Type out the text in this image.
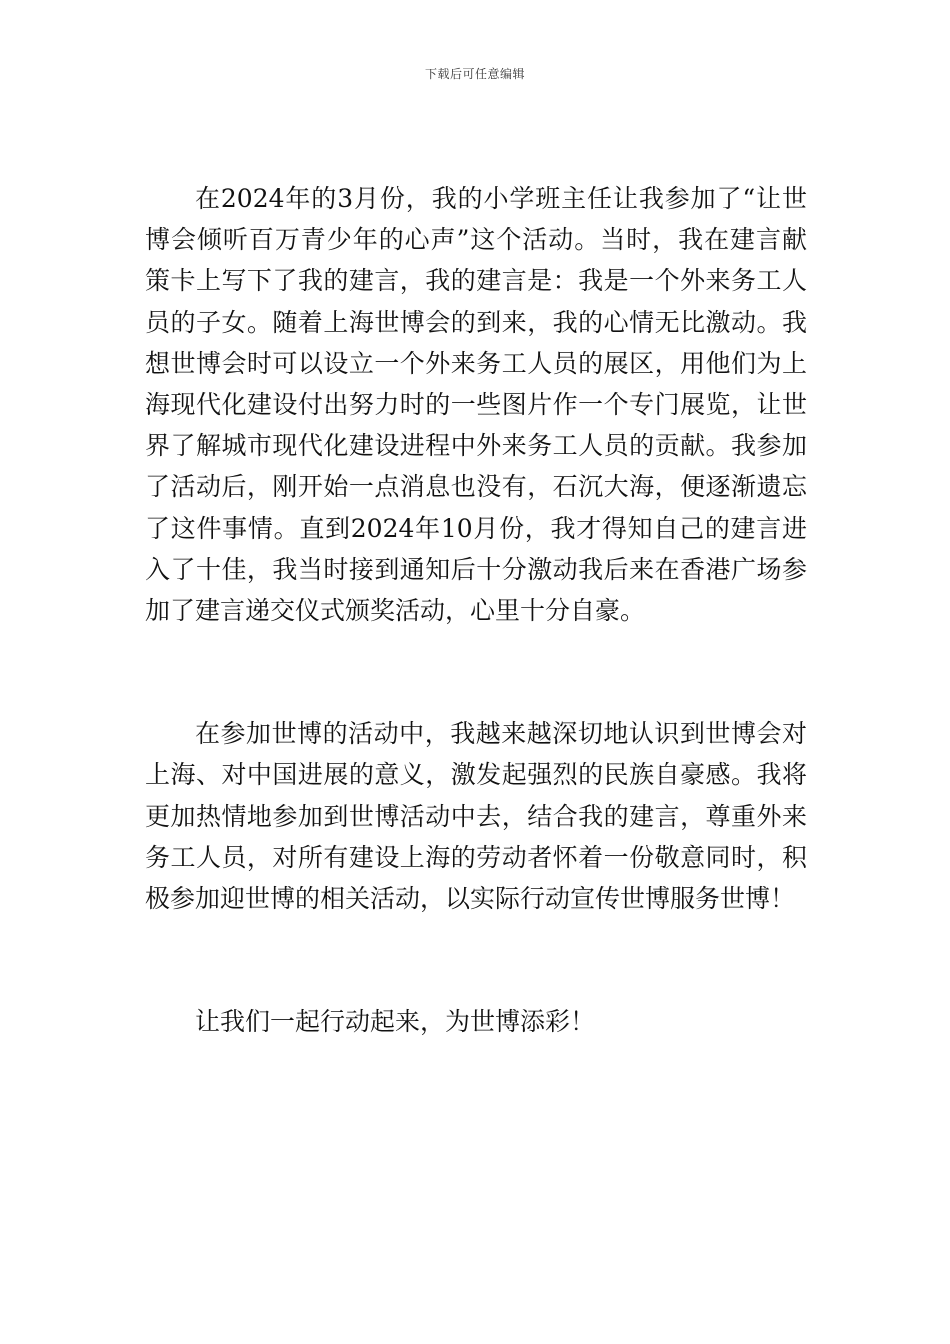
下载后可任意编辑

在2024年的3月份，我的小学班主任让我参加了“让世博会倾听百万青少年的心声”这个活动。当时，我在建言献策卡上写下了我的建言，我的建言是：我是一个外来务工人员的子女。随着上海世博会的到来，我的心情无比激动。我想世博会时可以设立一个外来务工人员的展区，用他们为上海现代化建设付出努力时的一些图片作一个专门展览，让世界了解城市现代化建设进程中外来务工人员的贡献。我参加了活动后，刚开始一点消息也没有，石沉大海，便逐渐遗忘了这件事情。直到2024年10月份，我才得知自己的建言进入了十佳，我当时接到通知后十分激动我后来在香港广场参加了建言递交仪式颁奖活动，心里十分自豪。

在参加世博的活动中，我越来越深切地认识到世博会对上海、对中国进展的意义，激发起强烈的民族自豪感。我将更加热情地参加到世博活动中去，结合我的建言，尊重外来务工人员，对所有建设上海的劳动者怀着一份敬意同时，积极参加迎世博的相关活动，以实际行动宣传世博服务世博！

让我们一起行动起来，为世博添彩！
